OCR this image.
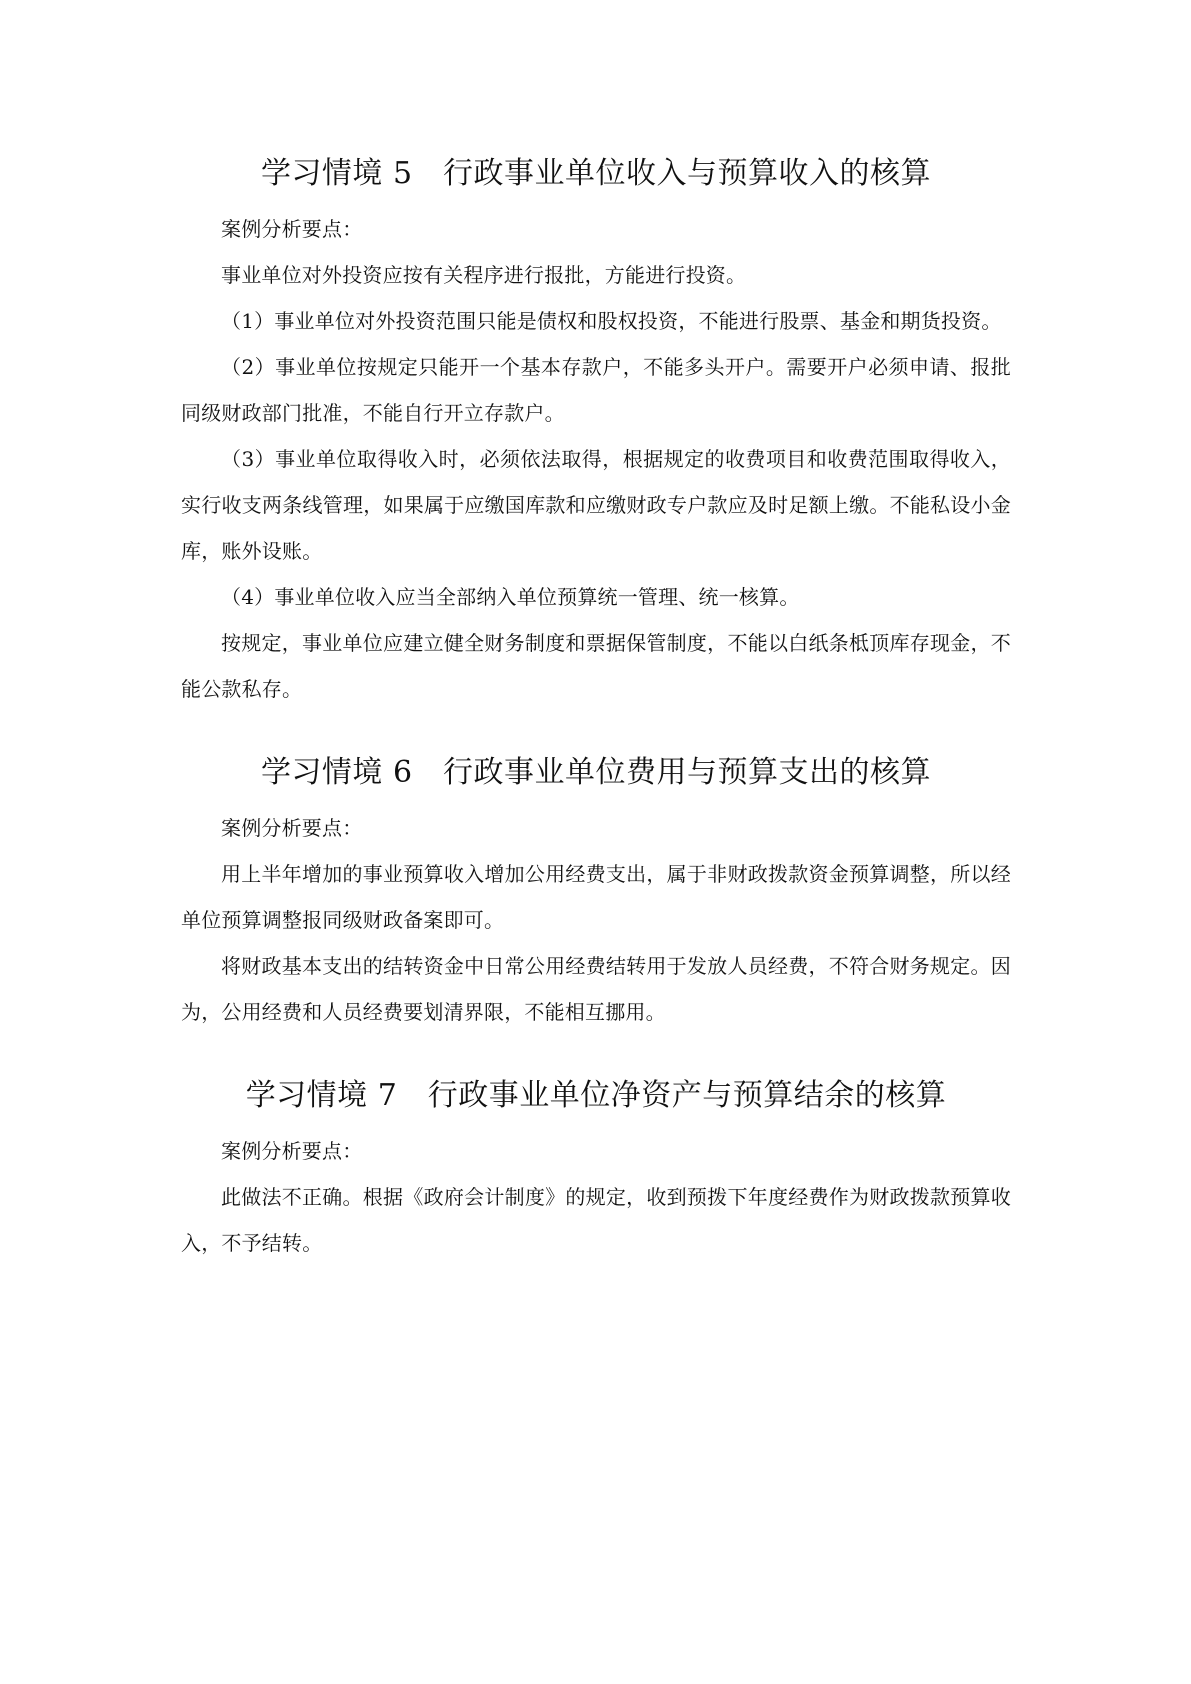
学习情境 5　行政事业单位收入与预算收入的核算

案例分析要点：

事业单位对外投资应按有关程序进行报批，方能进行投资。

（1）事业单位对外投资范围只能是债权和股权投资，不能进行股票、基金和期货投资。

（2）事业单位按规定只能开一个基本存款户，不能多头开户。需要开户必须申请、报批同级财政部门批准，不能自行开立存款户。

（3）事业单位取得收入时，必须依法取得，根据规定的收费项目和收费范围取得收入，实行收支两条线管理，如果属于应缴国库款和应缴财政专户款应及时足额上缴。不能私设小金库，账外设账。

（4）事业单位收入应当全部纳入单位预算统一管理、统一核算。

按规定，事业单位应建立健全财务制度和票据保管制度，不能以白纸条柢顶库存现金，不能公款私存。

学习情境 6　行政事业单位费用与预算支出的核算

案例分析要点：

用上半年增加的事业预算收入增加公用经费支出，属于非财政拨款资金预算调整，所以经单位预算调整报同级财政备案即可。

将财政基本支出的结转资金中日常公用经费结转用于发放人员经费，不符合财务规定。因为，公用经费和人员经费要划清界限，不能相互挪用。

学习情境 7　行政事业单位净资产与预算结余的核算

案例分析要点：

此做法不正确。根据《政府会计制度》的规定，收到预拨下年度经费作为财政拨款预算收入，不予结转。
